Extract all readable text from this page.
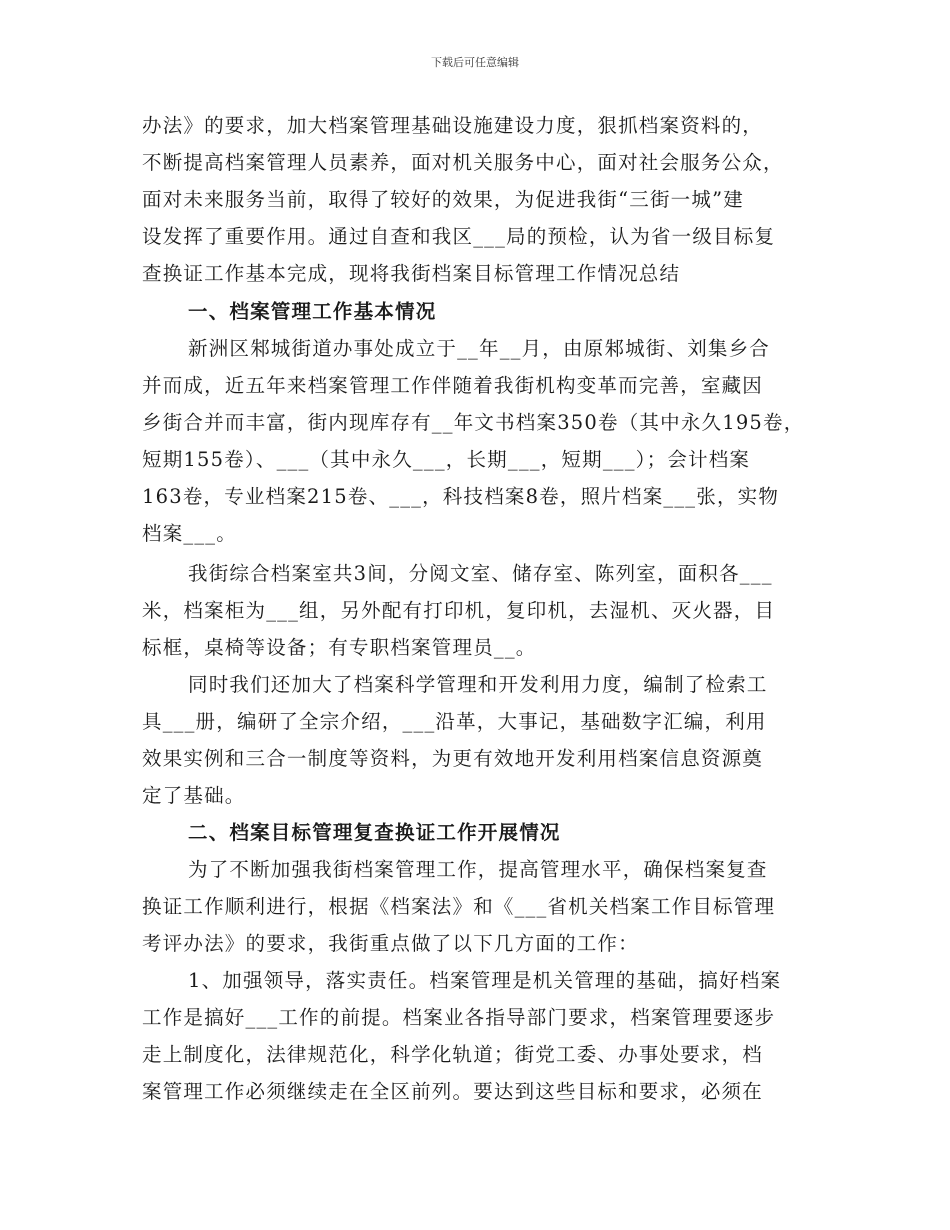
下载后可任意编辑
办法》的要求，加大档案管理基础设施建设力度，狠抓档案资料的，
不断提高档案管理人员素养，面对机关服务中心，面对社会服务公众，
面对未来服务当前，取得了较好的效果，为促进我街“三街一城”建
设发挥了重要作用。通过自查和我区___局的预检，认为省一级目标复
查换证工作基本完成，现将我街档案目标管理工作情况总结
一、档案管理工作基本情况
新洲区邾城街道办事处成立于__年__月，由原邾城街、刘集乡合
并而成，近五年来档案管理工作伴随着我街机构变革而完善，室藏因
乡街合并而丰富，街内现库存有__年文书档案350卷（其中永久195卷，
短期155卷）、___（其中永久___，长期___，短期___）；会计档案
163卷，专业档案215卷、___，科技档案8卷，照片档案___张，实物
档案___。
我街综合档案室共3间，分阅文室、储存室、陈列室，面积各___
米，档案柜为___组，另外配有打印机，复印机，去湿机、灭火器，目
标框，桌椅等设备；有专职档案管理员__。
同时我们还加大了档案科学管理和开发利用力度，编制了检索工
具___册，编研了全宗介绍，___沿革，大事记，基础数字汇编，利用
效果实例和三合一制度等资料，为更有效地开发利用档案信息资源奠
定了基础。
二、档案目标管理复查换证工作开展情况
为了不断加强我街档案管理工作，提高管理水平，确保档案复查
换证工作顺利进行，根据《档案法》和《___省机关档案工作目标管理
考评办法》的要求，我街重点做了以下几方面的工作：
1、加强领导，落实责任。档案管理是机关管理的基础，搞好档案
工作是搞好___工作的前提。档案业各指导部门要求，档案管理要逐步
走上制度化，法律规范化，科学化轨道；街党工委、办事处要求，档
案管理工作必须继续走在全区前列。要达到这些目标和要求，必须在
